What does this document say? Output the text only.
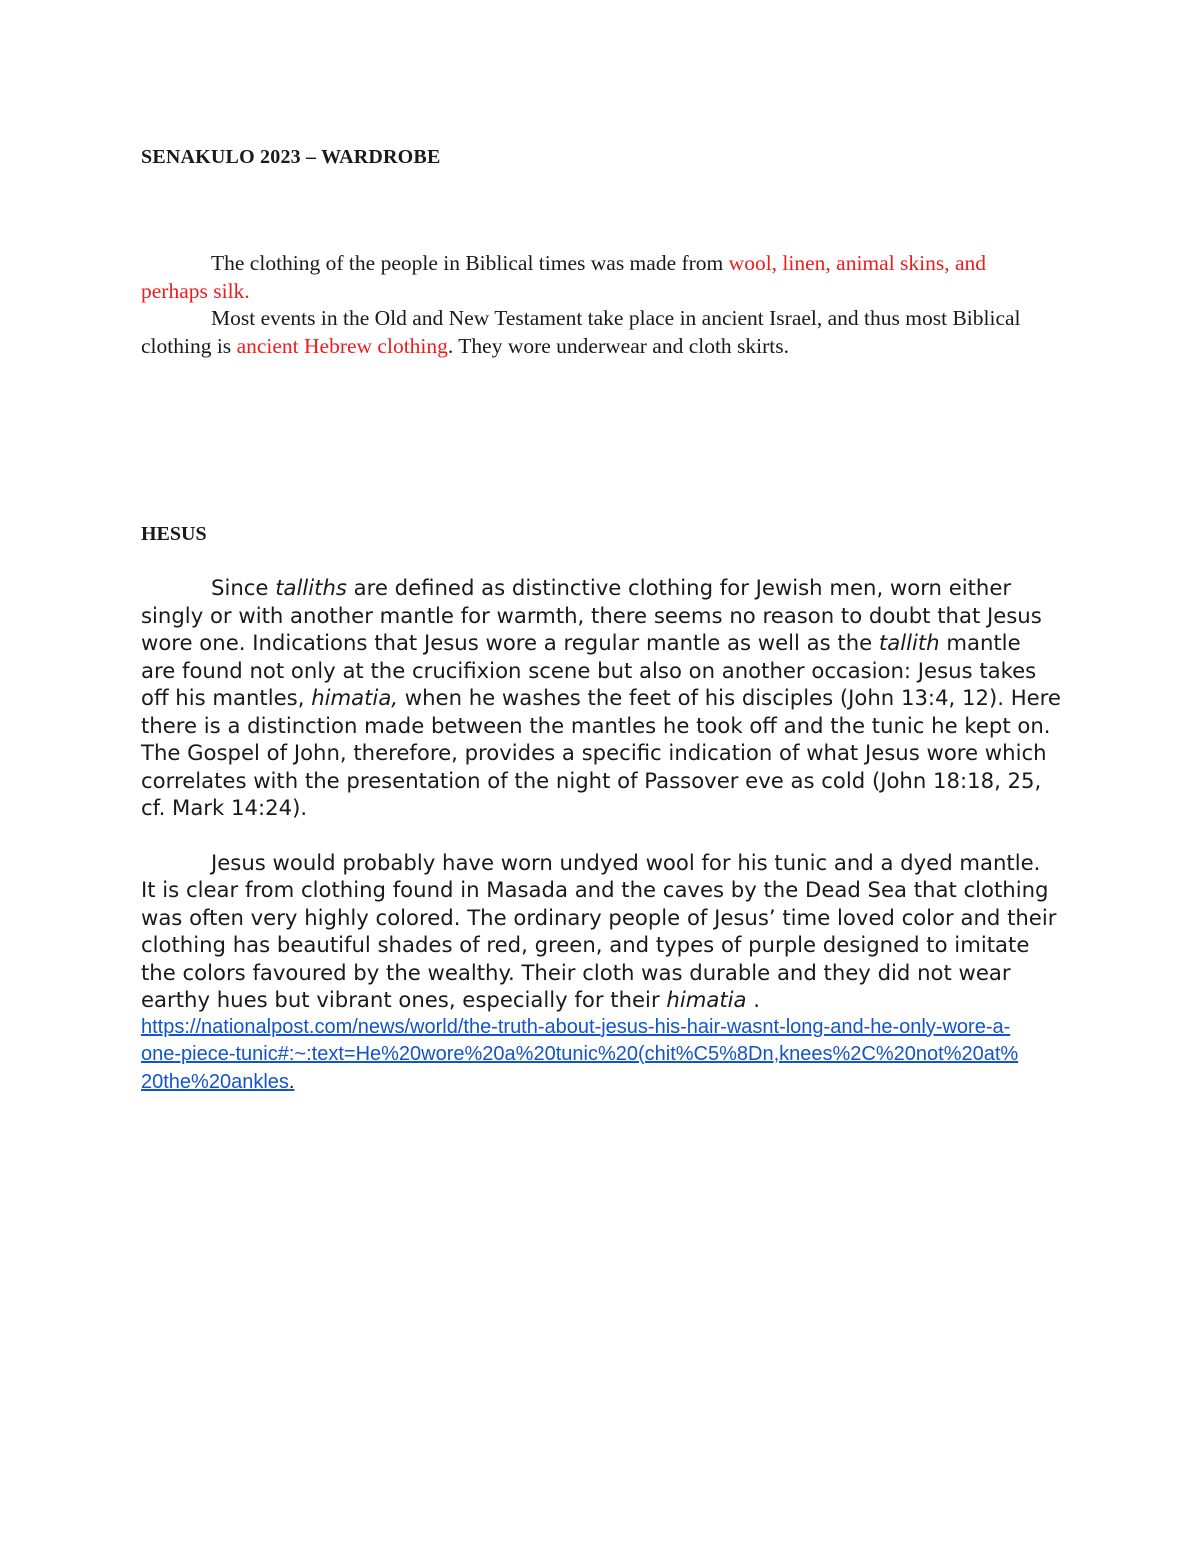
SENAKULO 2023 – WARDROBE

The clothing of the people in Biblical times was made from wool, linen, animal skins, and perhaps silk.

Most events in the Old and New Testament take place in ancient Israel, and thus most Biblical clothing is ancient Hebrew clothing. They wore underwear and cloth skirts.

HESUS

Since talliths are defined as distinctive clothing for Jewish men, worn either singly or with another mantle for warmth, there seems no reason to doubt that Jesus wore one. Indications that Jesus wore a regular mantle as well as the tallith mantle are found not only at the crucifixion scene but also on another occasion: Jesus takes off his mantles, himatia, when he washes the feet of his disciples (John 13:4, 12). Here there is a distinction made between the mantles he took off and the tunic he kept on. The Gospel of John, therefore, provides a specific indication of what Jesus wore which correlates with the presentation of the night of Passover eve as cold (John 18:18, 25, cf. Mark 14:24).

Jesus would probably have worn undyed wool for his tunic and a dyed mantle. It is clear from clothing found in Masada and the caves by the Dead Sea that clothing was often very highly colored. The ordinary people of Jesus’ time loved color and their clothing has beautiful shades of red, green, and types of purple designed to imitate the colors favoured by the wealthy. Their cloth was durable and they did not wear earthy hues but vibrant ones, especially for their himatia .

https://nationalpost.com/news/world/the-truth-about-jesus-his-hair-wasnt-long-and-he-only-wore-a-one-piece-tunic#:~:text=He%20wore%20a%20tunic%20(chit%C5%8Dn,knees%2C%20not%20at%20the%20ankles.
